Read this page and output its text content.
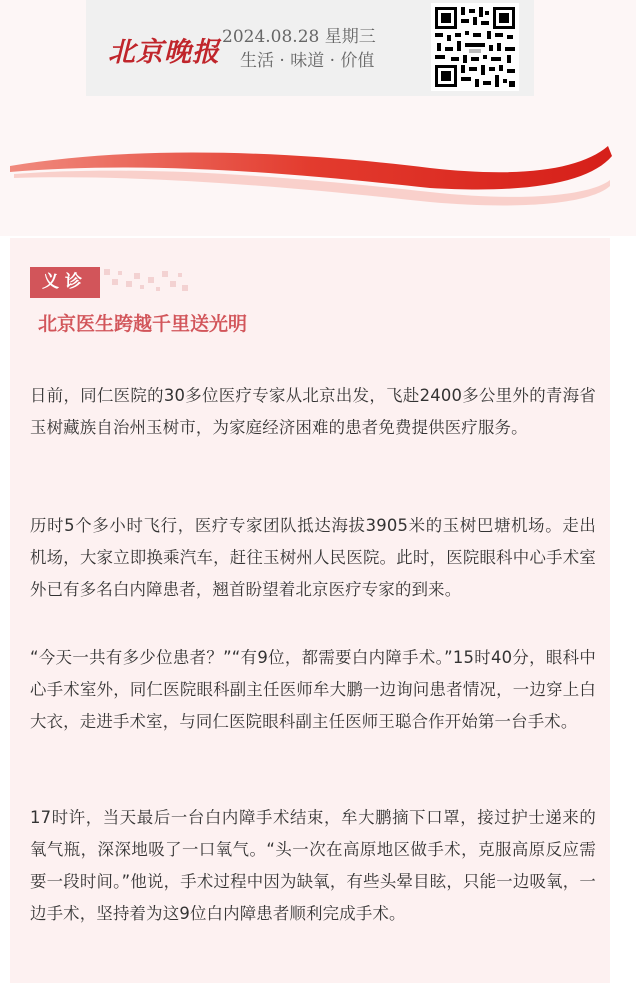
北京晚报 2024.08.28 星期三
生活 · 味道 · 价值
义诊
北京医生跨越千里送光明

日前，同仁医院的30多位医疗专家从北京出发，飞赴2400多公里外的青海省玉树藏族自治州玉树市，为家庭经济困难的患者免费提供医疗服务。

历时5个多小时飞行，医疗专家团队抵达海拔3905米的玉树巴塘机场。走出机场，大家立即换乘汽车，赶往玉树州人民医院。此时，医院眼科中心手术室外已有多名白内障患者，翘首盼望着北京医疗专家的到来。

“今天一共有多少位患者？”“有9位，都需要白内障手术。”15时40分，眼科中心手术室外，同仁医院眼科副主任医师牟大鹏一边询问患者情况，一边穿上白大衣，走进手术室，与同仁医院眼科副主任医师王聪合作开始第一台手术。

17时许，当天最后一台白内障手术结束，牟大鹏摘下口罩，接过护士递来的氧气瓶，深深地吸了一口氧气。“头一次在高原地区做手术，克服高原反应需要一段时间。”他说，手术过程中因为缺氧，有些头晕目眩，只能一边吸氧，一边手术，坚持着为这9位白内障患者顺利完成手术。
